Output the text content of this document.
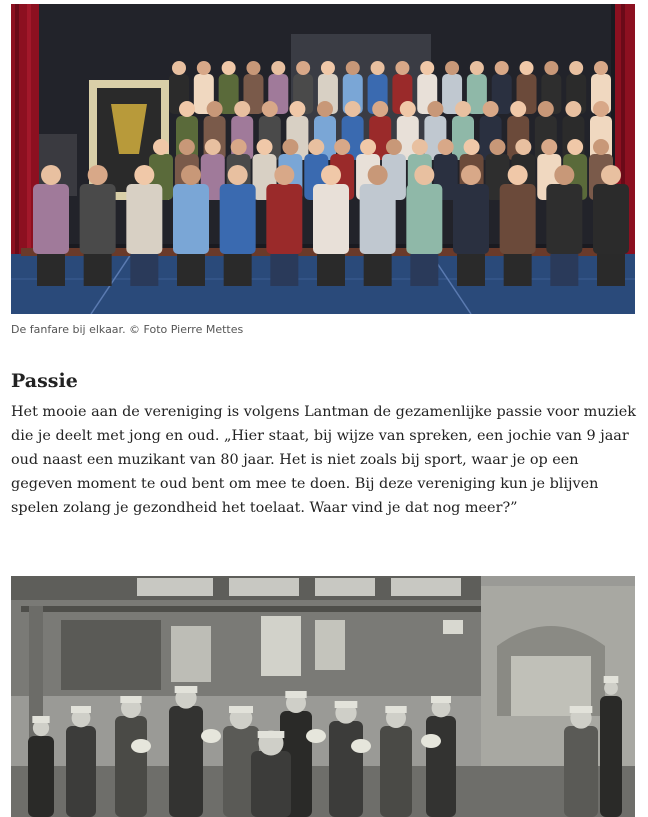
De fanfare bij elkaar. © Foto Pierre Mettes
Passie

Het mooie aan de vereniging is volgens Lantman de gezamenlijke passie voor muziek die je deelt met jong en oud. „Hier staat, bij wijze van spreken, een jochie van 9 jaar oud naast een muzikant van 80 jaar. Het is niet zoals bij sport, waar je op een gegeven moment te oud bent om mee te doen. Bij deze vereniging kun je blijven spelen zolang je gezondheid het toelaat. Waar vind je dat nog meer?”
